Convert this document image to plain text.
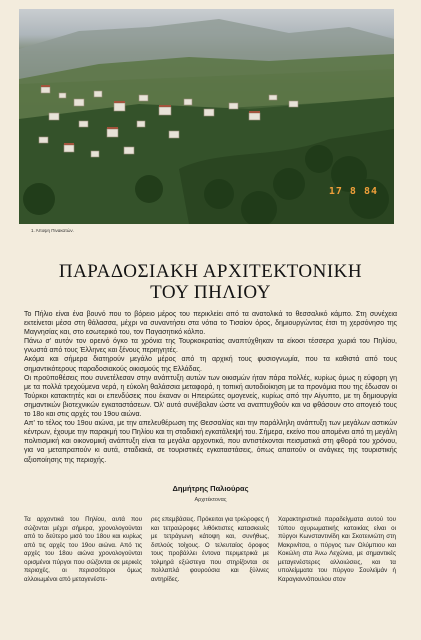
17 8 84
1. Άποψη Πινακατών.
ΠΑΡΑΔΟΣΙΑΚΗ ΑΡΧΙΤΕΚΤΟΝΙΚΗ
ΤΟΥ ΠΗΛΙΟΥ

Το Πήλιο είναι ένα βουνό που το βόρειο μέρος του περικλείει από τα ανατολικά το θεσσαλικό κάμπο. Στη συνέχεια εκτείνεται μέσα στη θάλασσα, μέχρι να συναντήσει στα νότια το Τισαίον όρος, δημιουργώντας έτσι τη χερσόνησο της Μαγνησίας και, στο εσωτερικό του, τον Παγασητικό κόλπο.

Πάνω σ' αυτόν τον ορεινό όγκο τα χρόνια της Τουρκοκρατίας αναπτύχθηκαν τα είκοσι τέσσερα χωριά του Πηλίου, γνωστά από τους Έλληνες και ξένους περιηγητές.

Ακόμα και σήμερα διατηρούν μεγάλο μέρος από τη αρχική τους φυσιογνωμία, που τα καθιστά από τους σημαντικότερους παραδοσιακούς οικισμούς της Ελλάδας.

Οι προϋποθέσεις που συνετέλεσαν στην ανάπτυξη αυτών των οικισμών ήταν πάρα πολλές, κυρίως όμως η εύφορη γη με τα πολλά τρεχούμενα νερά, η εύκολη θαλάσσια μεταφορά, η τοπική αυτοδιοίκηση με τα προνόμια που της έδωσαν οι Τούρκοι κατακτητές και οι επενδύσεις που έκαναν οι Ηπειρώτες ομογενείς, κυρίως από την Αίγυπτο, με τη δημιουργία σημαντικών βιοτεχνικών εγκαταστάσεων. Όλ' αυτά συνέβαλαν ώστε να αναπτυχθούν και να φθάσουν στο απογειό τους το 18ο και στις αρχές του 19ου αιώνα.

Απ' το τέλος του 19ου αιώνα, με την απελευθέρωση της Θεσσαλίας και την παράλληλη ανάπτυξη των μεγάλων αστικών κέντρων, έχουμε την παρακμή του Πηλίου και τη σταδιακή εγκατάλειψή του. Σήμερα, εκείνο που απομένει από τη μεγάλη πολιτισμική και οικονομική ανάπτυξη είναι τα μεγάλα αρχοντικά, που αντιστέκονται πεισματικά στη φθορά του χρόνου, για να μεταπραπούν κι αυτά, σταδιακά, σε τουριστικές εγκαταστάσεις, όπως απαιτούν οι ανάγκες της τουριστικής αξιοποίησης της περιοχής.

Δημήτρης Παλιούρας
Αρχιτέκτονας

Τα αρχοντικά του Πηλίου, αυτά που σώζονται μέχρι σήμερα, χρονολογούνται από το δεύτερο μισό του 18ου και κυρίως από τις αρχές του 19ου αιώνα. Από τις αρχές του 18ου αιώνα χρονολογούνται ορισμένοι πύργοι που σώζονται σε μερικές περιοχές, οι περισσότεροι όμως αλλοιωμένοι από μεταγενέστε-

ρες επεμβάσεις. Πρόκειται για τριώροφες ή και τετραώροφες λιθόκτιστες κατασκευές με τετράγωνη κάτοψη και, συνήθως, διπλούς τοίχους. Ο τελευταίος όροφος τους προβάλλει έντονα περιμετρικά με τολμηρά εξώστεγα που στηρίζονται σε πολλαπλά φουρούσια και ξύλινες αντηρίδες.

Χαρακτηριστικά παραδείγματα αυτού του τύπου οχυρωματικής κατοικίας είναι οι πύργοι Κωνσταντινίδη και Σκοτεινιώτη στη Μακρινίτσα, ο πύργος των Ολύμπιου και Κοκώλη στα Άνω Λεχώνια, με σημαντικές μεταγενέστερες αλλοιώσεις, και τα υπολείμματα του πύργου Σουλεϊμάν ή Καραγιαννόπουλου στον
